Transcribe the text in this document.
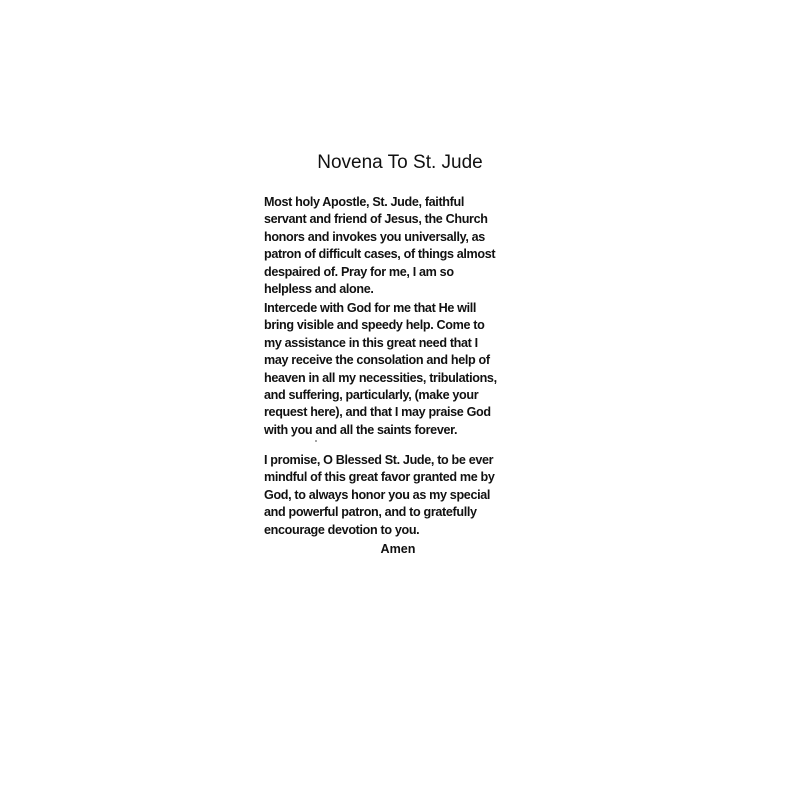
Novena To St. Jude
Most holy Apostle, St. Jude, faithful
servant and friend of Jesus, the Church
honors and invokes you universally, as
patron of difficult cases, of things almost
despaired of. Pray for me, I am so
helpless and alone.
Intercede with God for me that He will
bring visible and speedy help. Come to
my assistance in this great need that I
may receive the consolation and help of
heaven in all my necessities, tribulations,
and suffering, particularly, (make your
request here), and that I may praise God
with you and all the saints forever.
I promise, O Blessed St. Jude, to be ever
mindful of this great favor granted me by
God, to always honor you as my special
and powerful patron, and to gratefully
encourage devotion to you.
Amen
